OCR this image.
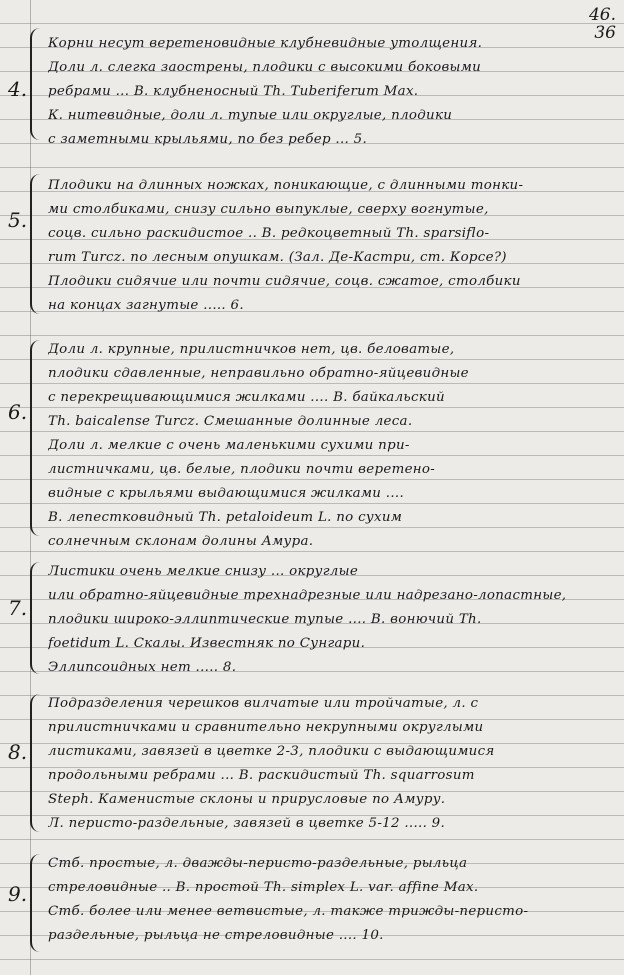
46.
36
4.
Корни несут веретеновидные клубневидные утолщения.
Доли л. слегка заострены, плодики с высокими боковыми
ребрами ... В. клубненосный Th. Tuberiferum Max.
К. нитевидные, доли л. тупые или округлые, плодики
с заметными крыльями, по без ребер ... 5.
5.
Плодики на длинных ножках, поникающие, с длинными тонки-
ми столбиками, снизу сильно выпуклые, сверху вогнутые,
соцв. сильно раскидистое .. В. редкоцветный Th. sparsiflo-
rum Turcz. по лесным опушкам. (Зал. Де-Кастри, ст. Корсе?)
Плодики сидячие или почти сидячие, соцв. сжатое, столбики
на концах загнутые ..... 6.
6.
Доли л. крупные, прилистничков нет, цв. беловатые,
плодики сдавленные, неправильно обратно-яйцевидные
с перекрещивающимися жилками .... В. байкальский
Th. baicalense Turcz. Смешанные долинные леса.
Доли л. мелкие с очень маленькими сухими при-
листничками, цв. белые, плодики почти веретено-
видные с крыльями выдающимися жилками ....
В. лепестковидный Th. petaloideum L. по сухим
солнечным склонам долины Амура.
7.
Листики очень мелкие снизу ... округлые
или обратно-яйцевидные трехнадрезные или надрезано-лопастные,
плодики широко-эллиптические тупые .... В. вонючий Th.
foetidum L. Скалы. Известняк по Сунгари.
Эллипсоидных нет ..... 8.
8.
Подразделения черешков вилчатые или тройчатые, л. с
прилистничками и сравнительно некрупными округлыми
листиками, завязей в цветке 2-3, плодики с выдающимися
продольными ребрами ... В. раскидистый Th. squarrosum
Steph. Каменистые склоны и прирусловые по Амуру.
Л. перисто-раздельные, завязей в цветке 5-12 ..... 9.
9.
Стб. простые, л. дважды-перисто-раздельные, рыльца
стреловидные .. В. простой Th. simplex L. var. affine Max.
Стб. более или менее ветвистые, л. также трижды-перисто-
раздельные, рыльца не стреловидные .... 10.
